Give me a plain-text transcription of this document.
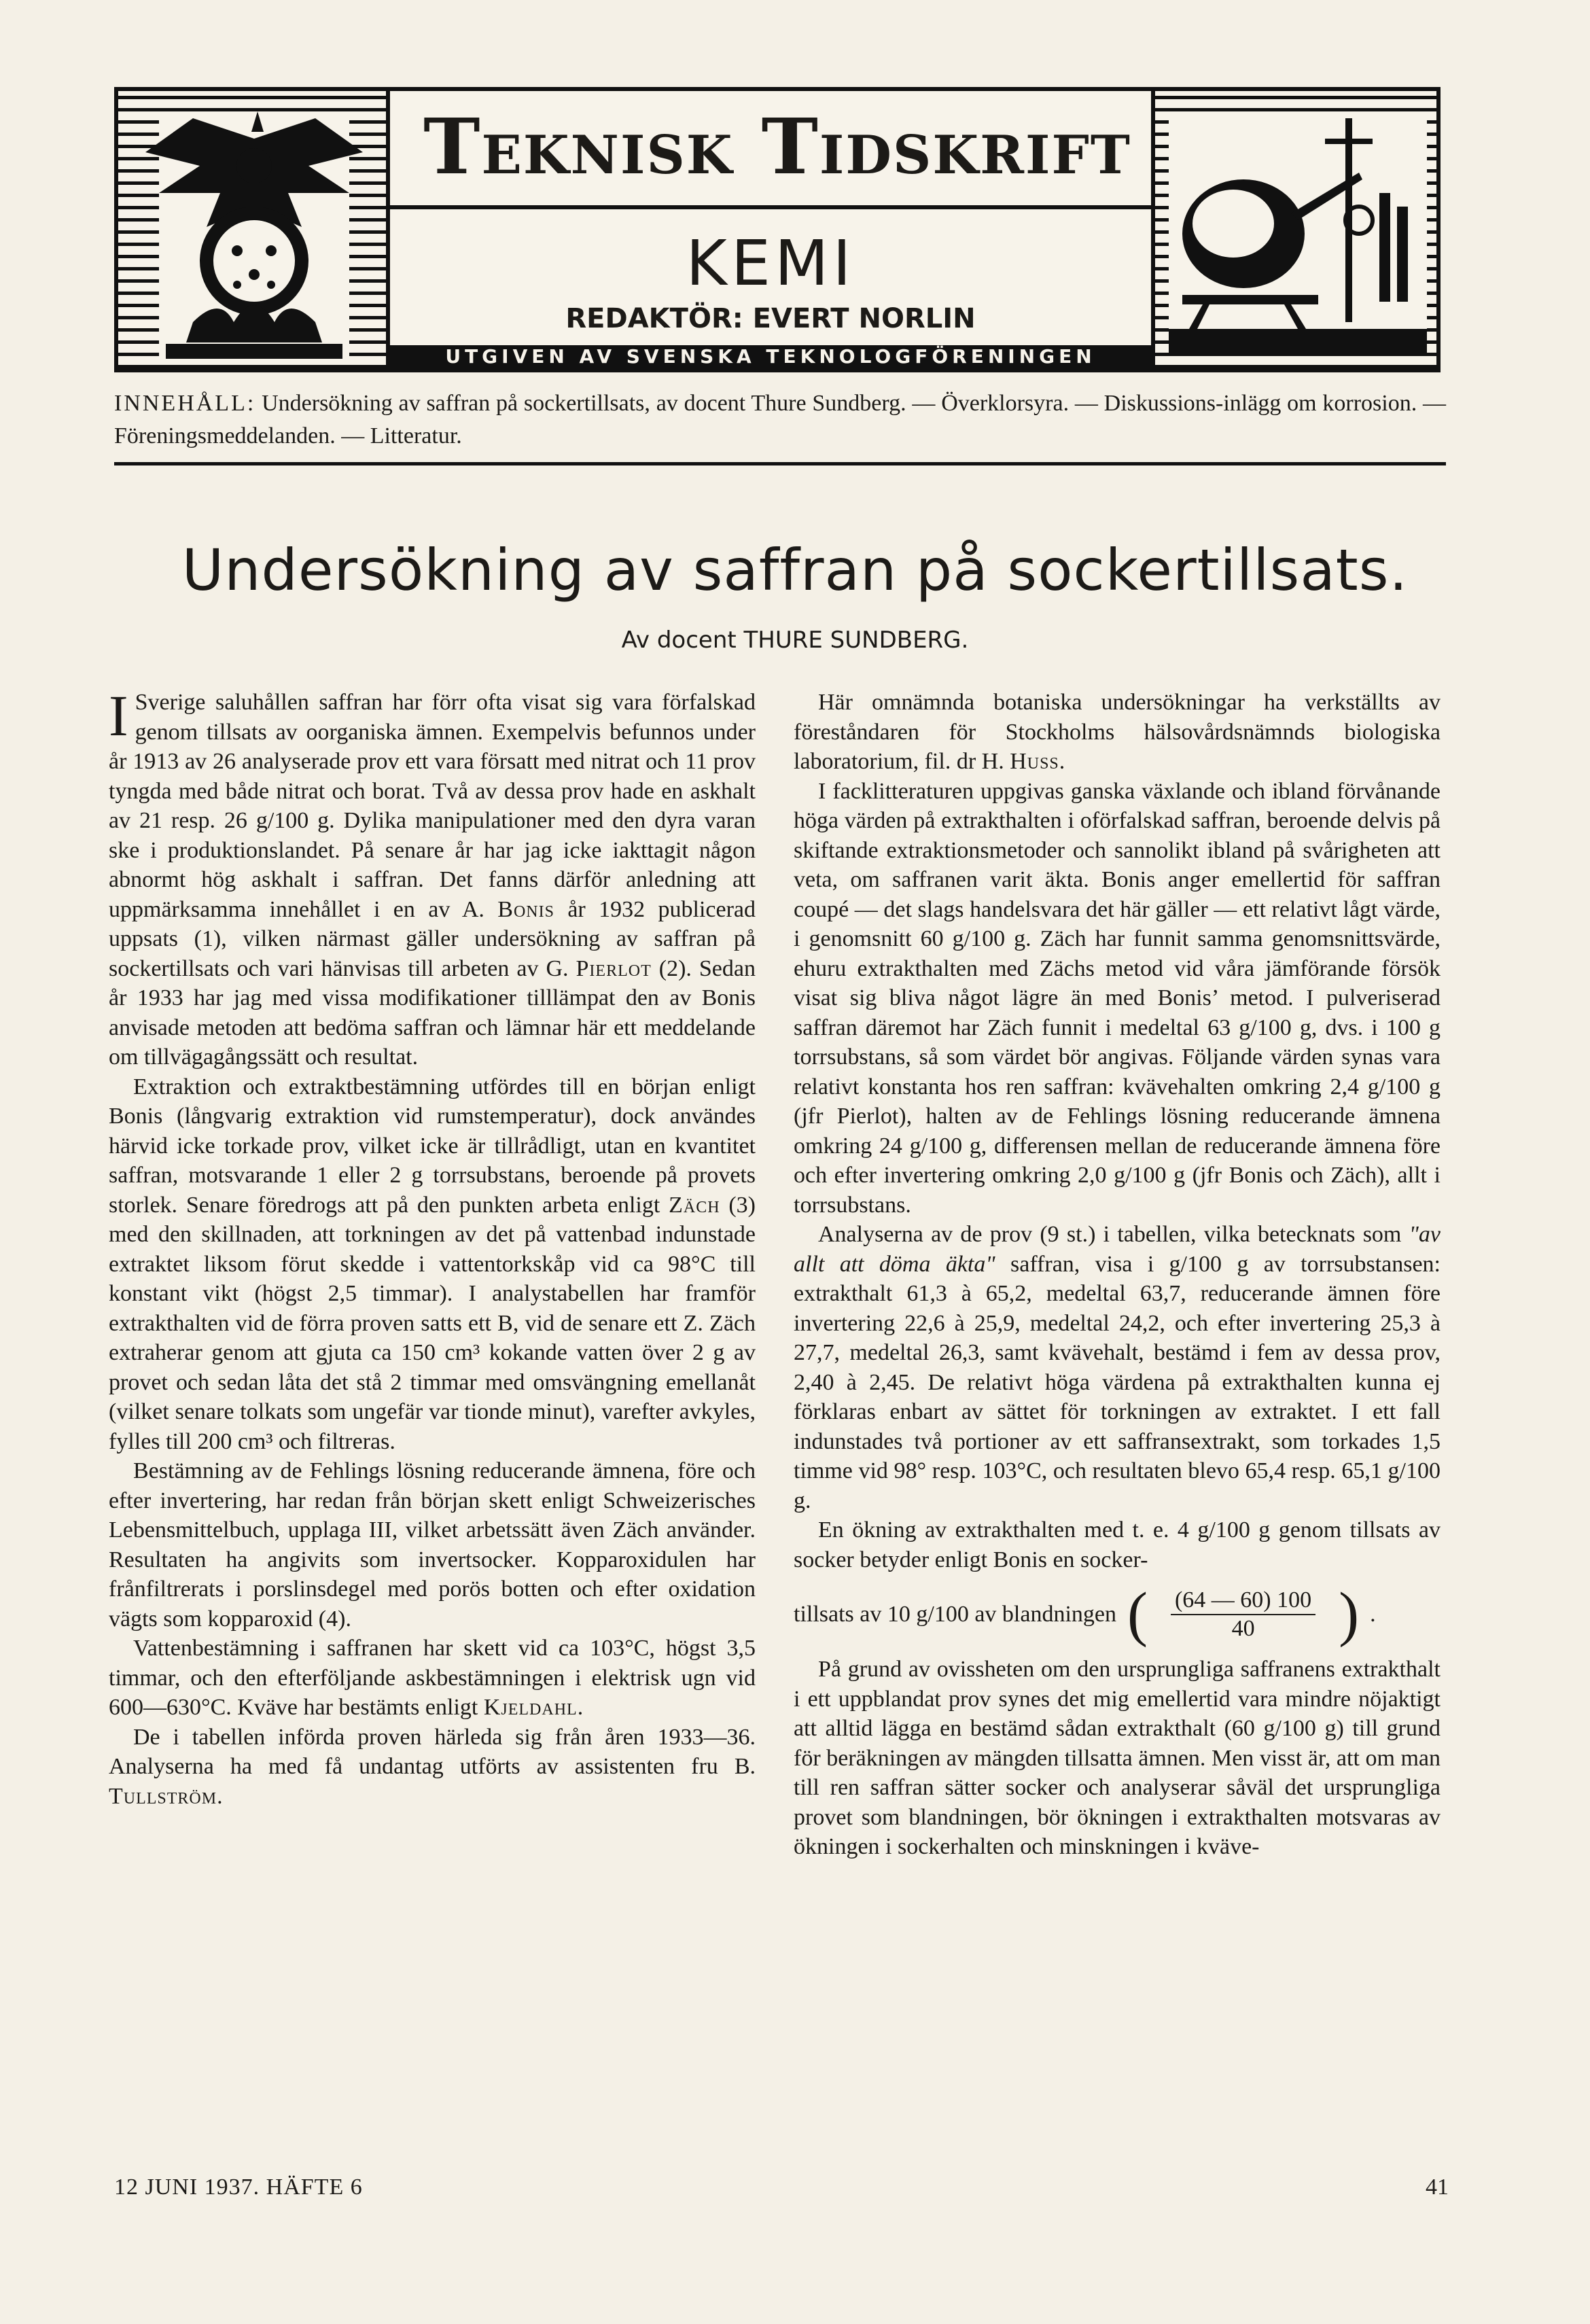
Teknisk Tidskrift
KEMI
REDAKTÖR: EVERT NORLIN
UTGIVEN AV SVENSKA TEKNOLOGFÖRENINGEN
INNEHÅLL: Undersökning av saffran på sockertillsats, av docent Thure Sundberg. — Överklorsyra. — Diskussions-inlägg om korrosion. — Föreningsmeddelanden. — Litteratur.
Undersökning av saffran på sockertillsats.
Av docent THURE SUNDBERG.

I Sverige saluhållen saffran har förr ofta visat sig vara förfalskad genom tillsats av oorganiska ämnen. Exempelvis befunnos under år 1913 av 26 analyserade prov ett vara försatt med nitrat och 11 prov tyngda med både nitrat och borat. Två av dessa prov hade en askhalt av 21 resp. 26 g/100 g. Dylika manipulationer med den dyra varan ske i produktionslandet. På senare år har jag icke iakttagit någon abnormt hög askhalt i saffran. Det fanns därför anledning att uppmärksamma innehållet i en av A. Bonis år 1932 publicerad uppsats (1), vilken närmast gäller undersökning av saffran på sockertillsats och vari hänvisas till arbeten av G. Pierlot (2). Sedan år 1933 har jag med vissa modifikationer tilllämpat den av Bonis anvisade metoden att bedöma saffran och lämnar här ett meddelande om tillvägagångssätt och resultat.

Extraktion och extraktbestämning utfördes till en början enligt Bonis (långvarig extraktion vid rumstemperatur), dock användes härvid icke torkade prov, vilket icke är tillrådligt, utan en kvantitet saffran, motsvarande 1 eller 2 g torrsubstans, beroende på provets storlek. Senare föredrogs att på den punkten arbeta enligt Zäch (3) med den skillnaden, att torkningen av det på vattenbad indunstade extraktet liksom förut skedde i vattentorkskåp vid ca 98°C till konstant vikt (högst 2,5 timmar). I analystabellen har framför extrakthalten vid de förra proven satts ett B, vid de senare ett Z. Zäch extraherar genom att gjuta ca 150 cm³ kokande vatten över 2 g av provet och sedan låta det stå 2 timmar med omsvängning emellanåt (vilket senare tolkats som ungefär var tionde minut), varefter avkyles, fylles till 200 cm³ och filtreras.

Bestämning av de Fehlings lösning reducerande ämnena, före och efter invertering, har redan från början skett enligt Schweizerisches Lebensmittelbuch, upplaga III, vilket arbetssätt även Zäch använder. Resultaten ha angivits som invertsocker. Kopparoxidulen har frånfiltrerats i porslinsdegel med porös botten och efter oxidation vägts som kopparoxid (4).

Vattenbestämning i saffranen har skett vid ca 103°C, högst 3,5 timmar, och den efterföljande askbestämningen i elektrisk ugn vid 600—630°C. Kväve har bestämts enligt Kjeldahl.

De i tabellen införda proven härleda sig från åren 1933—36. Analyserna ha med få undantag utförts av assistenten fru B. Tullström.

Här omnämnda botaniska undersökningar ha verkställts av föreståndaren för Stockholms hälsovårdsnämnds biologiska laboratorium, fil. dr H. Huss.

I facklitteraturen uppgivas ganska växlande och ibland förvånande höga värden på extrakthalten i oförfalskad saffran, beroende delvis på skiftande extraktionsmetoder och sannolikt ibland på svårigheten att veta, om saffranen varit äkta. Bonis anger emellertid för saffran coupé — det slags handelsvara det här gäller — ett relativt lågt värde, i genomsnitt 60 g/100 g. Zäch har funnit samma genomsnittsvärde, ehuru extrakthalten med Zächs metod vid våra jämförande försök visat sig bliva något lägre än med Bonis’ metod. I pulveriserad saffran däremot har Zäch funnit i medeltal 63 g/100 g, dvs. i 100 g torrsubstans, så som värdet bör angivas. Följande värden synas vara relativt konstanta hos ren saffran: kvävehalten omkring 2,4 g/100 g (jfr Pierlot), halten av de Fehlings lösning reducerande ämnena omkring 24 g/100 g, differensen mellan de reducerande ämnena före och efter invertering omkring 2,0 g/100 g (jfr Bonis och Zäch), allt i torrsubstans.

Analyserna av de prov (9 st.) i tabellen, vilka betecknats som "av allt att döma äkta" saffran, visa i g/100 g av torrsubstansen: extrakthalt 61,3 à 65,2, medeltal 63,7, reducerande ämnen före invertering 22,6 à 25,9, medeltal 24,2, och efter invertering 25,3 à 27,7, medeltal 26,3, samt kvävehalt, bestämd i fem av dessa prov, 2,40 à 2,45. De relativt höga värdena på extrakthalten kunna ej förklaras enbart av sättet för torkningen av extraktet. I ett fall indunstades två portioner av ett saffransextrakt, som torkades 1,5 timme vid 98° resp. 103°C, och resultaten blevo 65,4 resp. 65,1 g/100 g.

En ökning av extrakthalten med t. e. 4 g/100 g genom tillsats av socker betyder enligt Bonis en socker-

tillsats av 10 g/100 av blandningen ( $\frac{(64 — 60) 100}{40}$ ) .

På grund av ovissheten om den ursprungliga saffranens extrakthalt i ett uppblandat prov synes det mig emellertid vara mindre nöjaktigt att alltid lägga en bestämd sådan extrakthalt (60 g/100 g) till grund för beräkningen av mängden tillsatta ämnen. Men visst är, att om man till ren saffran sätter socker och analyserar såväl det ursprungliga provet som blandningen, bör ökningen i extrakthalten motsvaras av ökningen i sockerhalten och minskningen i kväve-

12 JUNI 1937. HÄFTE 6	41
